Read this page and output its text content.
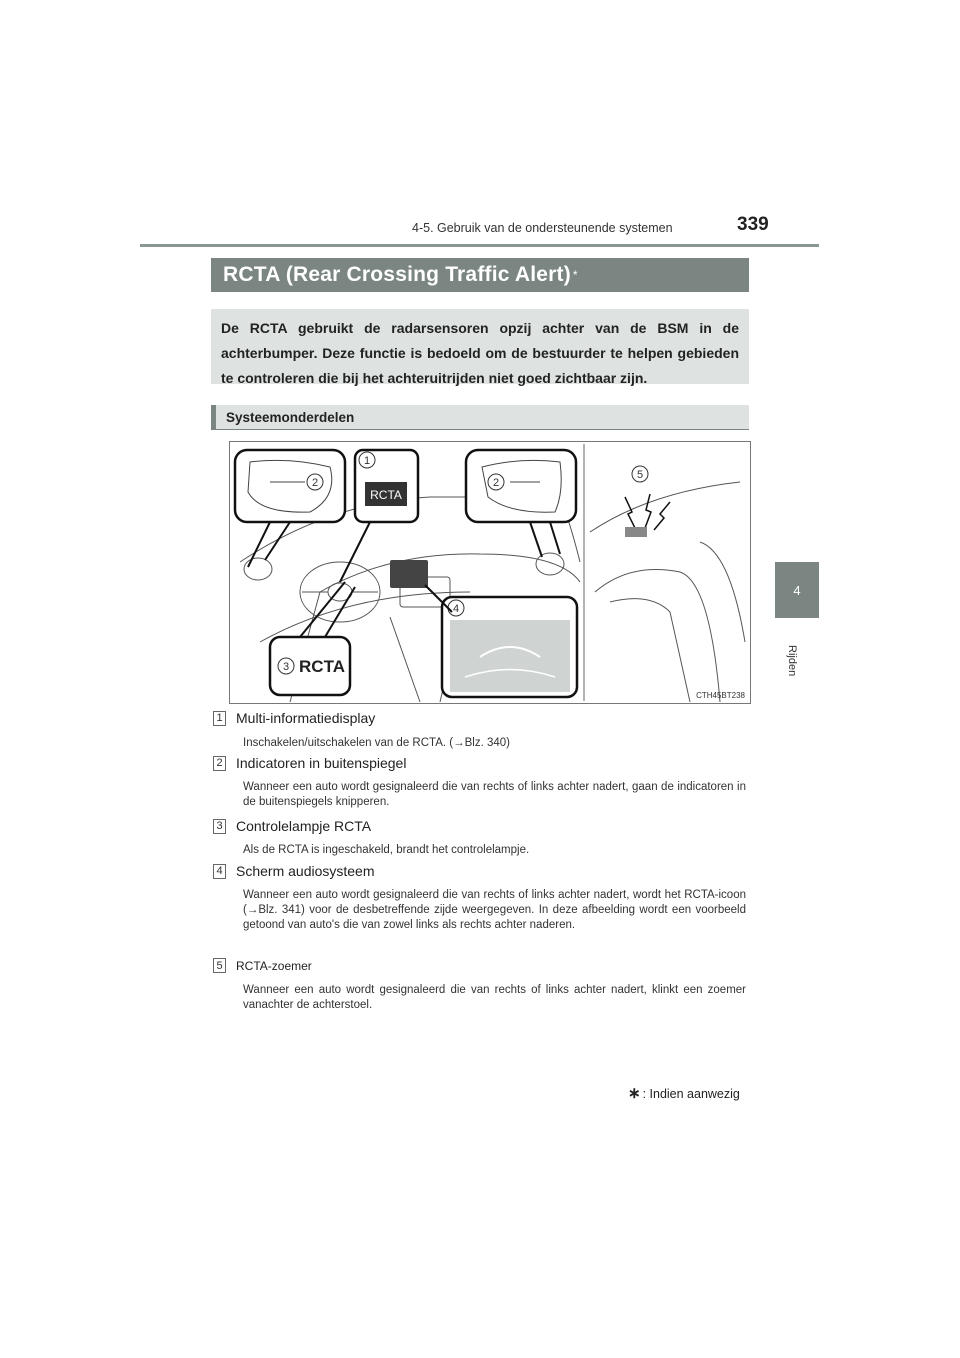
4-5. Gebruik van de ondersteunende systemen	339
4
Rijden
RCTA (Rear Crossing Traffic Alert) *
De RCTA gebruikt de radarsensoren opzij achter van de BSM in de achterbumper. Deze functie is bedoeld om de bestuurder te helpen gebieden te controleren die bij het achteruitrijden niet goed zichtbaar zijn.
Systeemonderdelen
2
RCTA
1
2
3 RCTA
4
5
CTH45BT238
1 Multi-informatiedisplay
Inschakelen/uitschakelen van de RCTA. (→Blz. 340)
2 Indicatoren in buitenspiegel
Wanneer een auto wordt gesignaleerd die van rechts of links achter nadert, gaan de indicatoren in de buitenspiegels knipperen.
3 Controlelampje RCTA
Als de RCTA is ingeschakeld, brandt het controlelampje.
4 Scherm audiosysteem
Wanneer een auto wordt gesignaleerd die van rechts of links achter nadert, wordt het RCTA-icoon (→Blz. 341) voor de desbetreffende zijde weergegeven. In deze afbeelding wordt een voorbeeld getoond van auto's die van zowel links als rechts achter naderen.
5 RCTA-zoemer
Wanneer een auto wordt gesignaleerd die van rechts of links achter nadert, klinkt een zoemer vanachter de achterstoel.
∗ : Indien aanwezig
